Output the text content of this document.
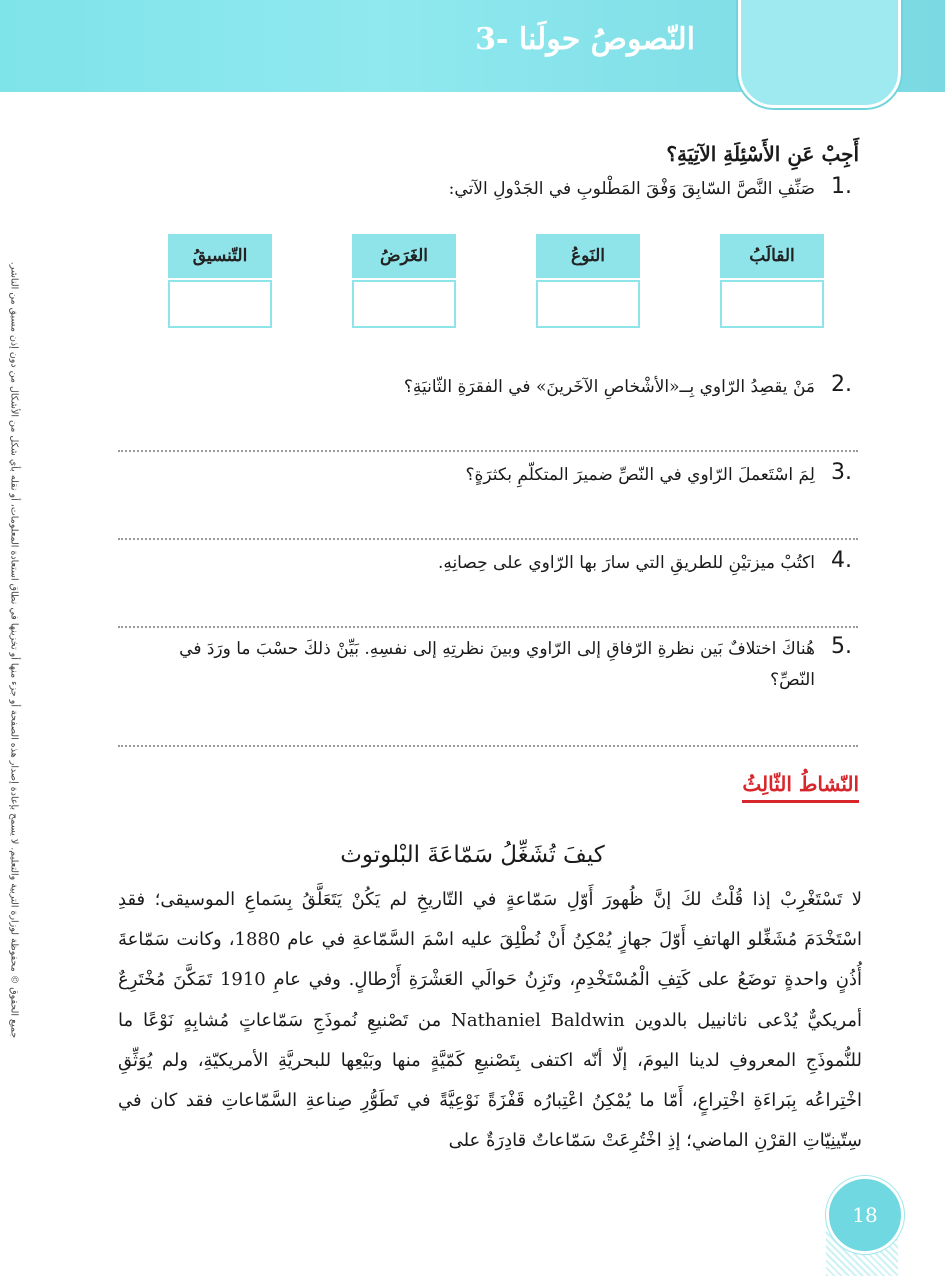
النّصوصُ حولَنا -3
جميع الحقوق © محفوظة لوزارة التربية والتعليم. لا يسمح بإعادة إصدار هذه الصفحة أو جزء منها أو تخزينها في نطاق استعادة المعلومات، أو نقله بأي شكل من الأشكال من دون إذن مسبق من الناشر.
أَجِبْ عَنِ الأَسْئِلَةِ الآتِيَةِ؟
.1
صَنِّفِ النَّصَّ السّابِقَ وَفْقَ المَطْلوبِ في الجَدْولِ الآتي:
القالَبُ
النَوعُ
الغَرَضُ
التّنسيقُ
.2
مَنْ يقصِدُ الرّاوي بِــ«الأشْخاصِ الآخَرينَ» في الفقرَةِ الثّانيَةِ؟
.3
لِمَ اسْتَعملَ الرّاوي في النّصِّ ضميرَ المتكلّمِ بكثرَةٍ؟
.4
اكتُبْ ميزتيْنِ للطريقِ التي سارَ بها الرّاوي على حِصانِهِ.
.5
هُناكَ اختلافٌ بَين نظرةِ الرّفاقِ إلى الرّاوي وبينَ نظرتِهِ إلى نفسِهِ. بَيِّنْ ذلكَ حسْبَ ما ورَدَ في النّصِّ؟
النّشاطُ الثّالِثُ
كيفَ تُشَغِّلُ سَمّاعَةَ البْلوتوث
لا تَسْتَغْرِبْ إذا قُلْتُ لكَ إنَّ ظُهورَ أَوّلِ سَمّاعةٍ في التّاريخِ لم يَكُنْ يَتَعَلَّقُ بِسَماعِ الموسيقى؛ فقدِ اسْتَخْدَمَ مُشَغِّلو الهاتفِ أَوّلَ جهازٍ يُمْكِنُ أَنْ نُطْلِقَ عليه اسْمَ السَّمّاعةِ في عام 1880، وكانت سَمّاعةَ أُذُنٍ واحدةٍ توضَعُ على كَتِفِ الْمُسْتَخْدِمِ، وتَزِنُ حَوالَي العَشْرَةِ أَرْطالٍ. وفي عامِ 1910 تَمَكَّنَ مُخْتَرِعٌ أمريكيٌّ يُدْعى ناثانييل بالدوين Nathaniel Baldwin من تَصْنيعِ نُموذَجِ سَمّاعاتٍ مُشابِهٍ نَوْعًا ما للنُّموذَجِ المعروفِ لدينا اليومَ، إلّا أنّه اكتفى بِتَصْنيعِ كَمّيَّةٍ منها وبَيْعِها للبحريَّةِ الأمريكيّةِ، ولم يُوَثِّقِ اخْتِراعُه بِبَراءَةِ اخْتِراعٍ، أَمّا ما يُمْكِنُ اعْتِبارُه قَفْزَةً نَوْعِيَّةً في تَطَوُّرِ صِناعةِ السَّمّاعاتِ فقد كان في سِتّينِيّاتِ القرْنِ الماضي؛ إذِ اخْتُرِعَتْ سَمّاعاتٌ قادِرَةٌ على
18
